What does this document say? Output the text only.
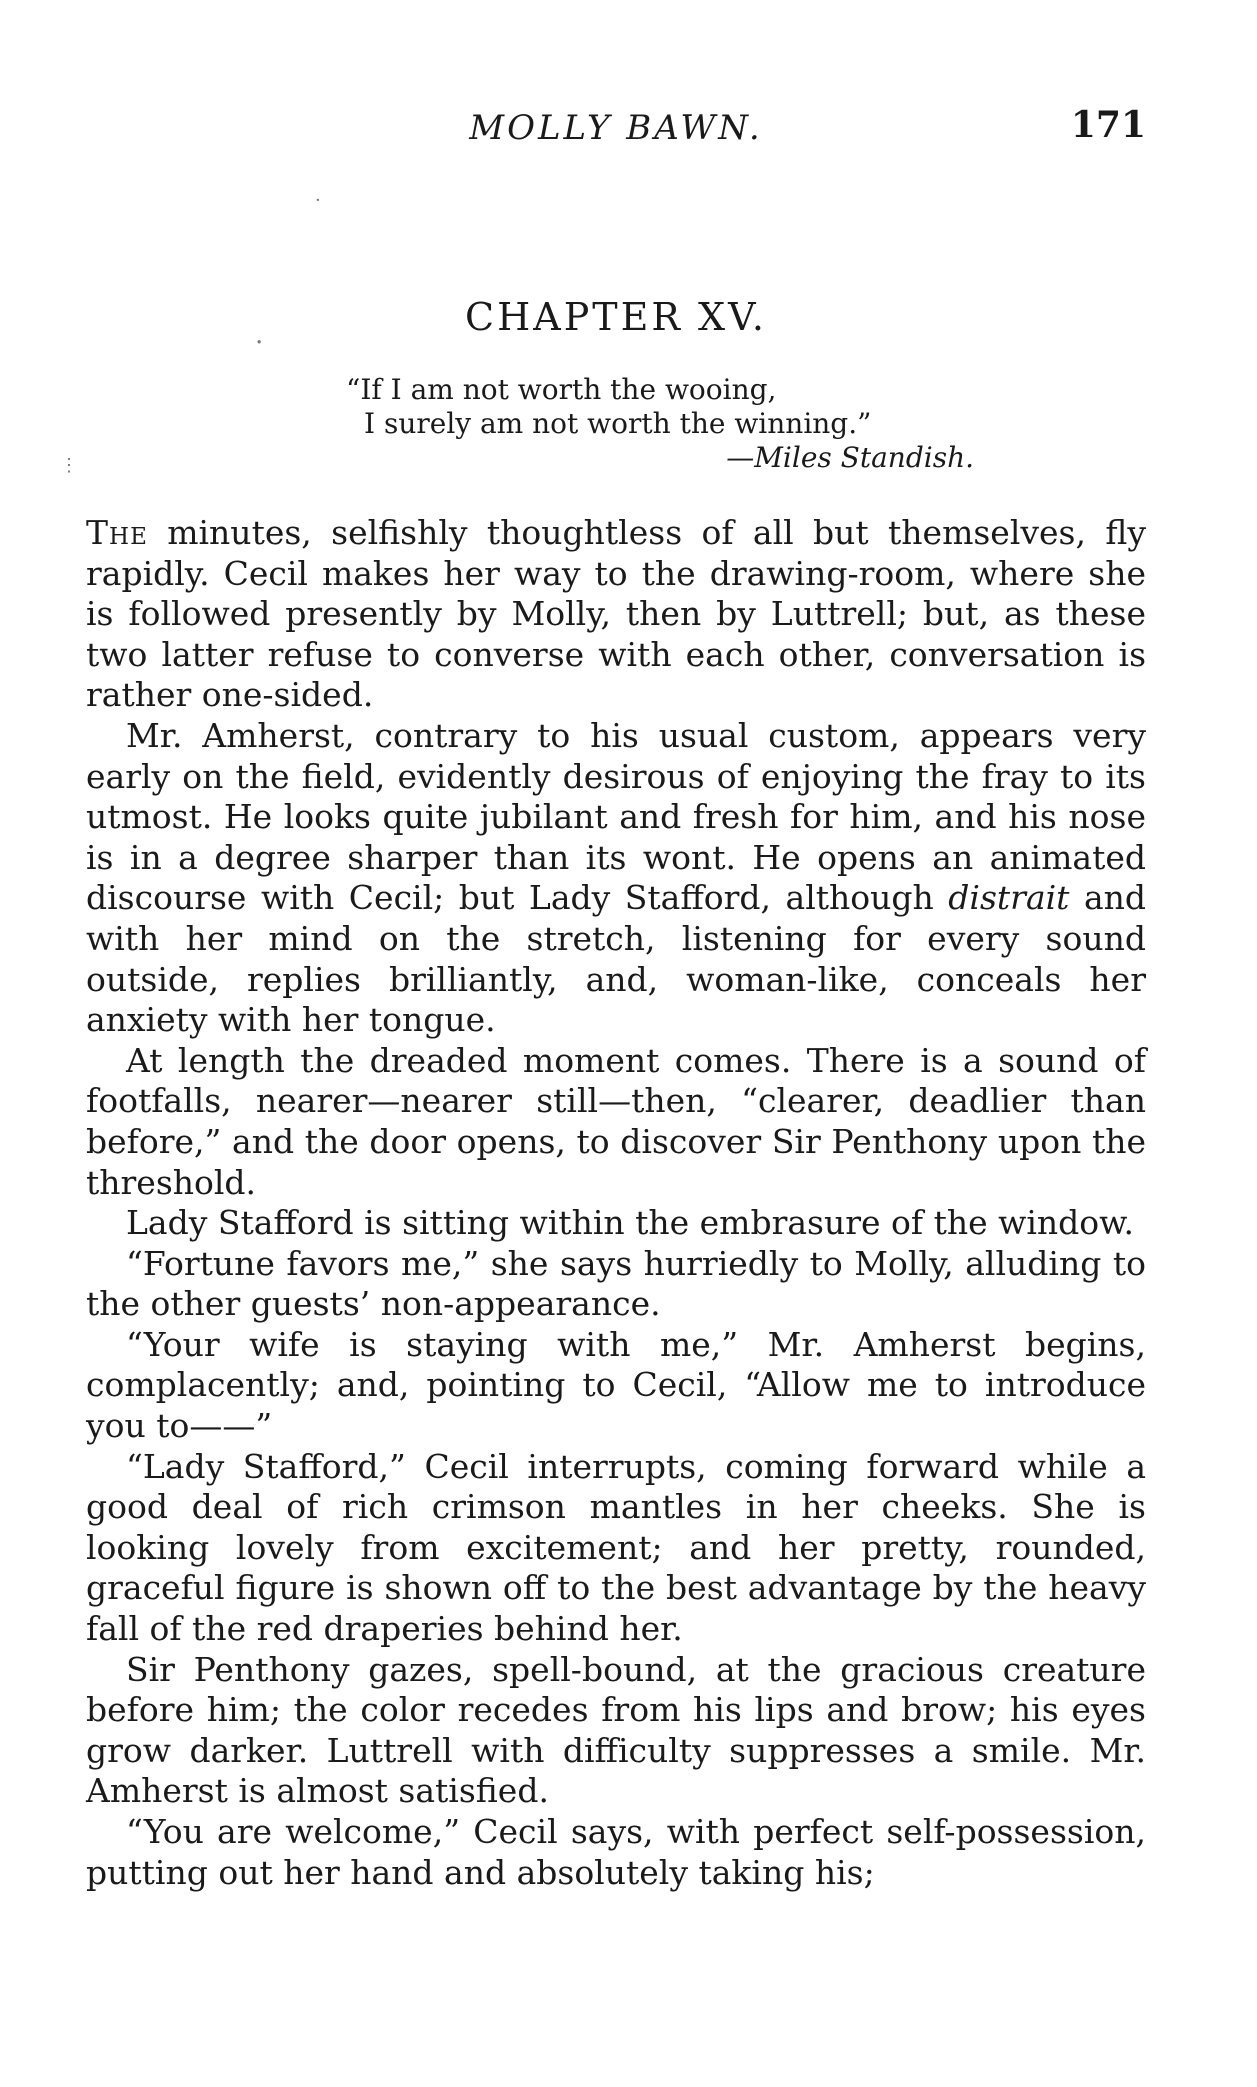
MOLLY BAWN.	171
CHAPTER XV.
“If I am not worth the wooing,
I surely am not worth the winning.”
—Miles Standish.

The minutes, selfishly thoughtless of all but themselves, fly rapidly. Cecil makes her way to the drawing-room, where she is followed presently by Molly, then by Luttrell; but, as these two latter refuse to converse with each other, conversation is rather one-sided.

Mr. Amherst, contrary to his usual custom, appears very early on the field, evidently desirous of enjoying the fray to its utmost. He looks quite jubilant and fresh for him, and his nose is in a degree sharper than its wont. He opens an animated discourse with Cecil; but Lady Stafford, although distrait and with her mind on the stretch, listening for every sound outside, replies brilliantly, and, woman-like, conceals her anxiety with her tongue.

At length the dreaded moment comes. There is a sound of footfalls, nearer—nearer still—then, “clearer, deadlier than before,” and the door opens, to discover Sir Penthony upon the threshold.

Lady Stafford is sitting within the embrasure of the window.

“Fortune favors me,” she says hurriedly to Molly, alluding to the other guests’ non-appearance.

“Your wife is staying with me,” Mr. Amherst begins, complacently; and, pointing to Cecil, “Allow me to introduce you to——”

“Lady Stafford,” Cecil interrupts, coming forward while a good deal of rich crimson mantles in her cheeks. She is looking lovely from excitement; and her pretty, rounded, graceful figure is shown off to the best advantage by the heavy fall of the red draperies behind her.

Sir Penthony gazes, spell-bound, at the gracious creature before him; the color recedes from his lips and brow; his eyes grow darker. Luttrell with difficulty suppresses a smile. Mr. Amherst is almost satisfied.

“You are welcome,” Cecil says, with perfect self-possession, putting out her hand and absolutely taking his;

·
.
⋮
